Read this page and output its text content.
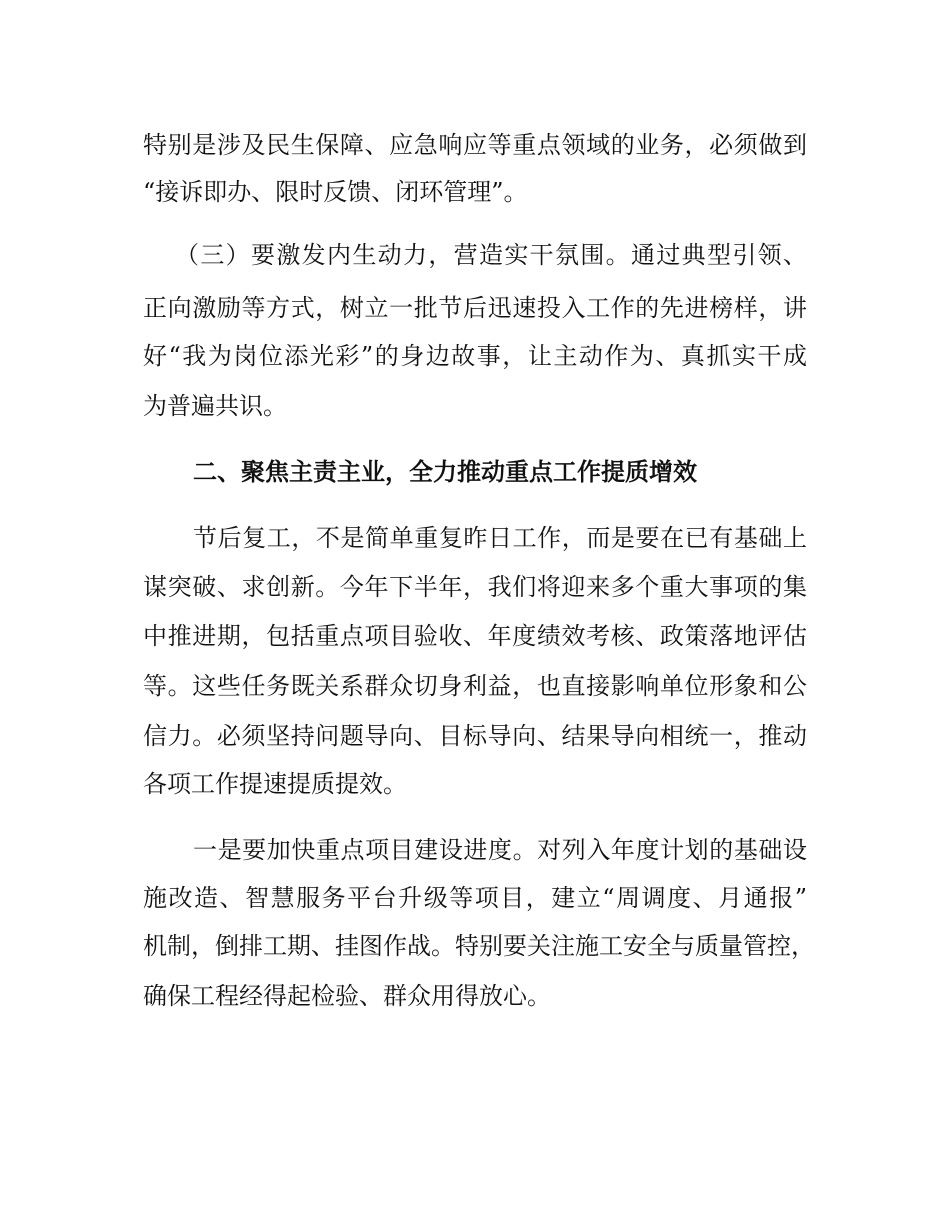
特别是涉及民生保障、应急响应等重点领域的业务，必须做到
“接诉即办、限时反馈、闭环管理”。
（三）要激发内生动力，营造实干氛围。通过典型引领、
正向激励等方式，树立一批节后迅速投入工作的先进榜样，讲
好“我为岗位添光彩”的身边故事，让主动作为、真抓实干成
为普遍共识。
二、聚焦主责主业，全力推动重点工作提质增效
节后复工，不是简单重复昨日工作，而是要在已有基础上
谋突破、求创新。今年下半年，我们将迎来多个重大事项的集
中推进期，包括重点项目验收、年度绩效考核、政策落地评估
等。这些任务既关系群众切身利益，也直接影响单位形象和公
信力。必须坚持问题导向、目标导向、结果导向相统一，推动
各项工作提速提质提效。
一是要加快重点项目建设进度。对列入年度计划的基础设
施改造、智慧服务平台升级等项目，建立“周调度、月通报”
机制，倒排工期、挂图作战。特别要关注施工安全与质量管控，
确保工程经得起检验、群众用得放心。
